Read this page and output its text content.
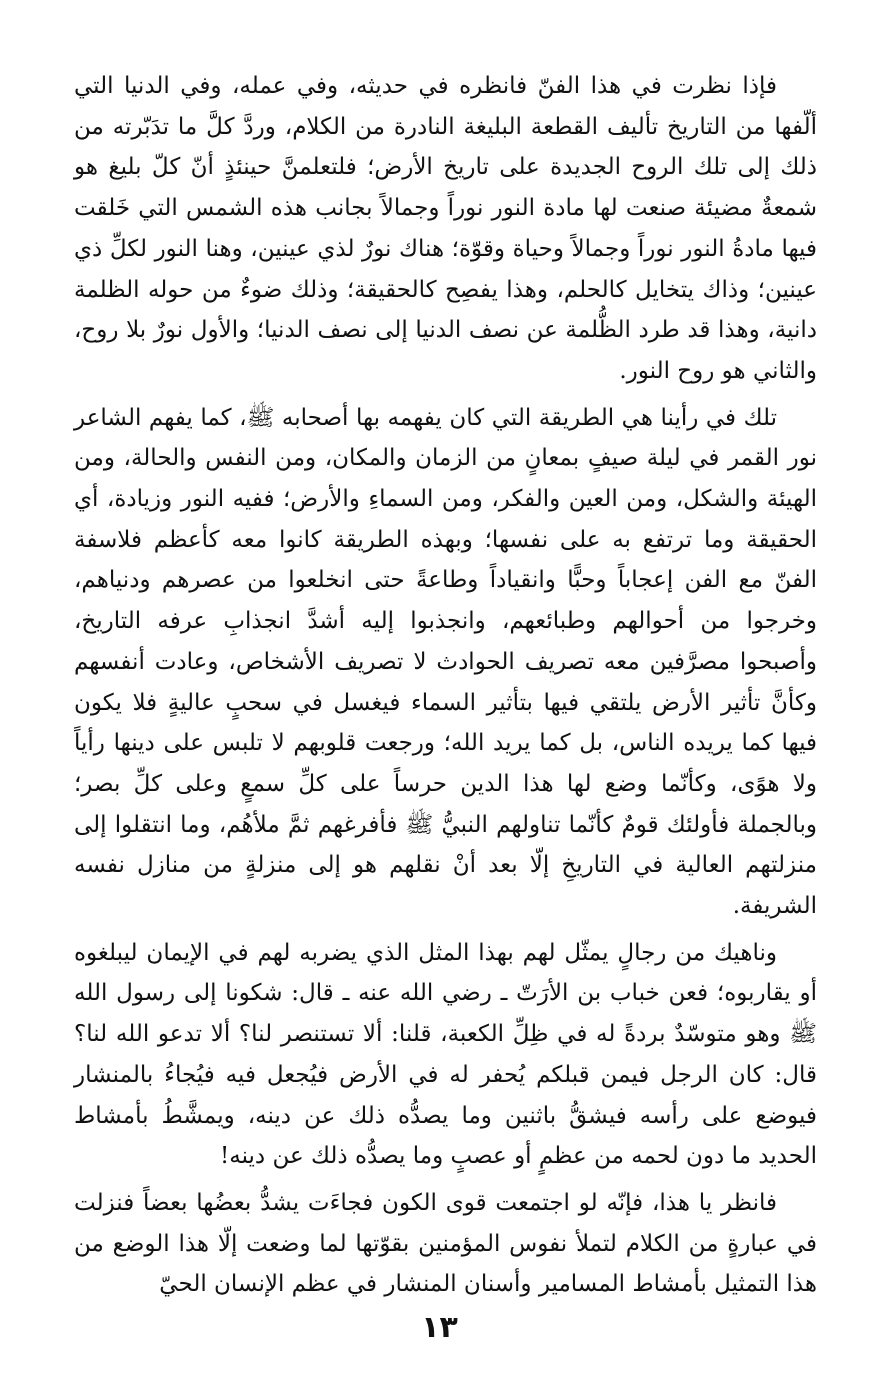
فإذا نظرت في هذا الفنّ فانظره في حديثه، وفي عمله، وفي الدنيا التي ألّفها من التاريخ تأليف القطعة البليغة النادرة من الكلام، وردَّ كلَّ ما تدَبّرته من ذلك إلى تلك الروح الجديدة على تاريخ الأرض؛ فلتعلمنَّ حينئذٍ أنّ كلّ بليغ هو شمعةٌ مضيئة صنعت لها مادة النور نوراً وجمالاً بجانب هذه الشمس التي خَلقت فيها مادةُ النور نوراً وجمالاً وحياة وقوّة؛ هناك نورٌ لذي عينين، وهنا النور لكلِّ ذي عينين؛ وذاك يتخايل كالحلم، وهذا يفصِح كالحقيقة؛ وذلك ضوءٌ من حوله الظلمة دانية، وهذا قد طرد الظُّلمة عن نصف الدنيا إلى نصف الدنيا؛ والأول نورٌ بلا روح، والثاني هو روح النور.

تلك في رأينا هي الطريقة التي كان يفهمه بها أصحابه ﷺ، كما يفهم الشاعر نور القمر في ليلة صيفٍ بمعانٍ من الزمان والمكان، ومن النفس والحالة، ومن الهيئة والشكل، ومن العين والفكر، ومن السماءِ والأرض؛ ففيه النور وزيادة، أي الحقيقة وما ترتفع به على نفسها؛ وبهذه الطريقة كانوا معه كأعظم فلاسفة الفنّ مع الفن إعجاباً وحبًّا وانقياداً وطاعةً حتى انخلعوا من عصرهم ودنياهم، وخرجوا من أحوالهم وطبائعهم، وانجذبوا إليه أشدَّ انجذابِ عرفه التاريخ، وأصبحوا مصرَّفين معه تصريف الحوادث لا تصريف الأشخاص، وعادت أنفسهم وكأنَّ تأثير الأرض يلتقي فيها بتأثير السماء فيغسل في سحبٍ عاليةٍ فلا يكون فيها كما يريده الناس، بل كما يريد الله؛ ورجعت قلوبهم لا تلبس على دينها رأياً ولا هوًى، وكأنّما وضع لها هذا الدين حرساً على كلِّ سمعٍ وعلى كلِّ بصر؛ وبالجملة فأولئك قومٌ كأنّما تناولهم النبيُّ ﷺ فأفرغهم ثمَّ ملأهُم، وما انتقلوا إلى منزلتهم العالية في التاريخِ إلّا بعد أنْ نقلهم هو إلى منزلةٍ من منازل نفسه الشريفة.

وناهيك من رجالٍ يمثّل لهم بهذا المثل الذي يضربه لهم في الإيمان ليبلغوه أو يقاربوه؛ فعن خباب بن الأرَتّ ـ رضي الله عنه ـ قال: شكونا إلى رسول الله ﷺ وهو متوسّدٌ بردةً له في ظِلِّ الكعبة، قلنا: ألا تستنصر لنا؟ ألا تدعو الله لنا؟ قال: كان الرجل فيمن قبلكم يُحفر له في الأرض فيُجعل فيه فيُجاءُ بالمنشار فيوضع على رأسه فيشقُّ باثنين وما يصدُّه ذلك عن دينه، ويمشَّطُ بأمشاط الحديد ما دون لحمه من عظمٍ أو عصبٍ وما يصدُّه ذلك عن دينه!

فانظر يا هذا، فإنّه لو اجتمعت قوى الكون فجاءَت يشدُّ بعضُها بعضاً فنزلت في عبارةٍ من الكلام لتملأ نفوس المؤمنين بقوّتها لما وضعت إلّا هذا الوضع من هذا التمثيل بأمشاط المسامير وأسنان المنشار في عظم الإنسان الحيّ

١٣
